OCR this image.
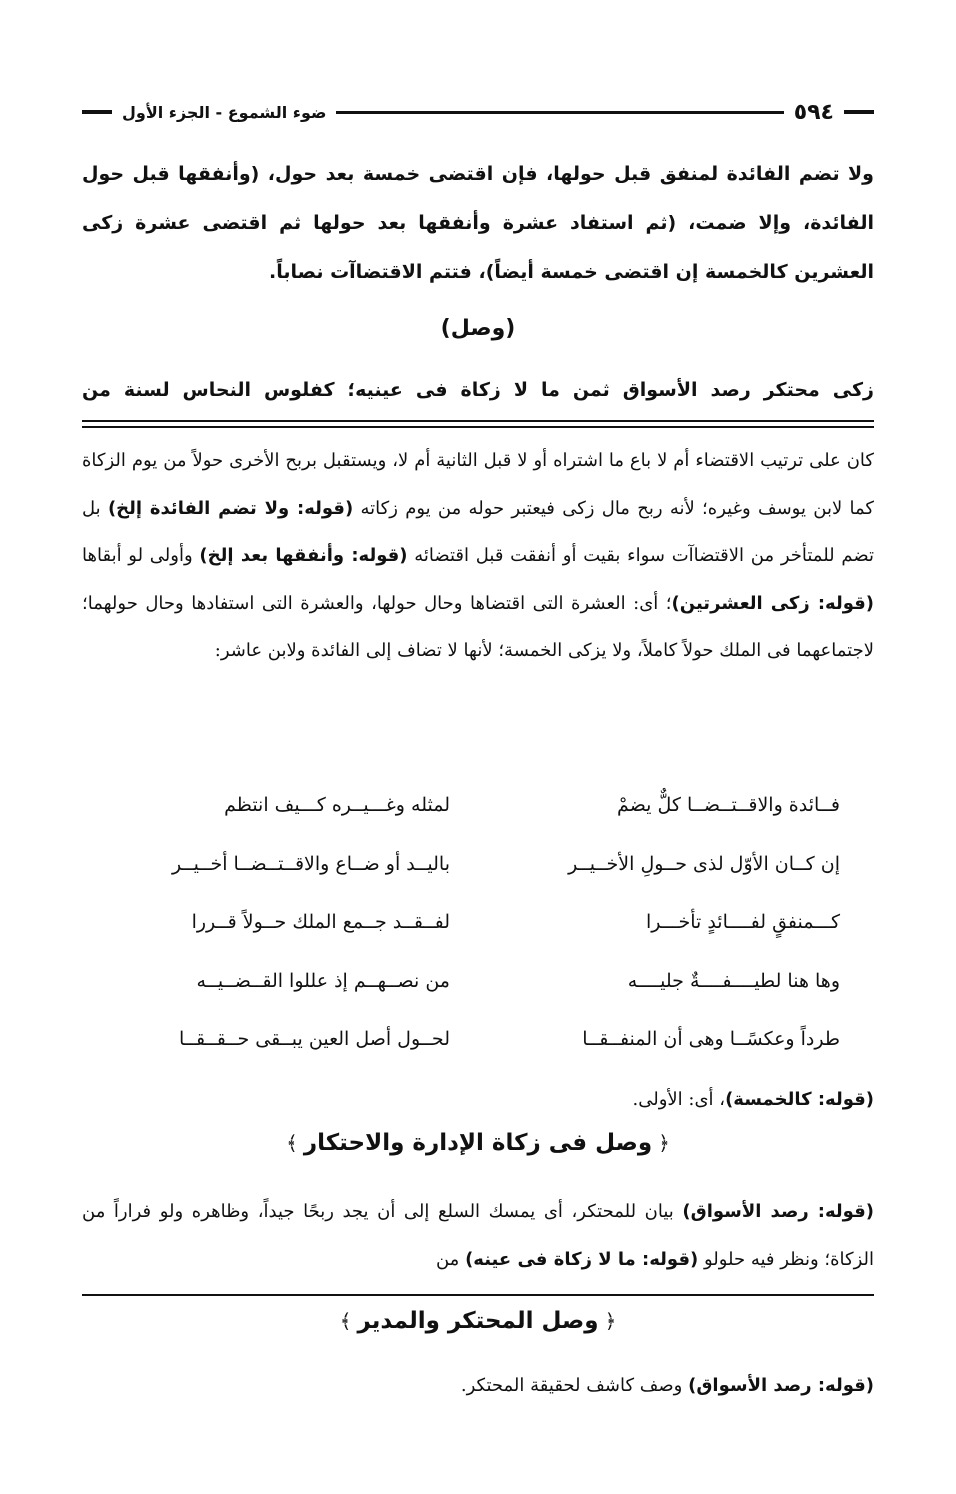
٥٩٤
ضوء الشموع - الجزء الأول
ولا تضم الفائدة لمنفق قبل حولها، فإن اقتضى خمسة بعد حول، (وأنفقها قبل حول الفائدة، وإلا ضمت، (ثم استفاد عشرة وأنفقها بعد حولها ثم اقتضى عشرة زكى العشرين كالخمسة إن اقتضى خمسة أيضاً)، فتتم الاقتضاآت نصاباً.
(وصل)
زكى محتكر رصد الأسواق ثمن ما لا زكاة فى عينيه؛ كفلوس النحاس لسنة من
كان على ترتيب الاقتضاء أم لا باع ما اشتراه أو لا قبل الثانية أم لا، ويستقبل بربح الأخرى حولاً من يوم الزكاة كما لابن يوسف وغيره؛ لأنه ربح مال زكى فيعتبر حوله من يوم زكاته (قوله: ولا تضم الفائدة إلخ) بل تضم للمتأخر من الاقتضاآت سواء بقيت أو أنفقت قبل اقتضائه (قوله: وأنفقها بعد إلخ) وأولى لو أبقاها (قوله: زكى العشرتين)؛ أى: العشرة التى اقتضاها وحال حولها، والعشرة التى استفادها وحال حولهما؛ لاجتماعهما فى الملك حولاً كاملاً، ولا يزكى الخمسة؛ لأنها لا تضاف إلى الفائدة ولابن عاشر:
فــائدة والاقــتــضــا كلٌّ يضمْ
لمثله وغـــيــره كـــيف انتظم
إن كــان الأوّل لذى حــولِ الأخــيــر
باليــد أو ضــاع والاقــتــضــا أخــيــر
كـــمنفقٍ لفــــائدٍ تأخـــرا
لفــقــد جــمع الملك حــولاً قــررا
وها هنا لطيــــفــــةٌ جليــــه
من نصــهــم إذ عللوا القــضــيــه
طرداً وعكسًــا وهى أن المنفــقــا
لحــول أصل العين يبــقى حــقــقــا
(قوله: كالخمسة)، أى: الأولى.
﴿وصل فى زكاة الإدارة والاحتكار﴾
(قوله: رصد الأسواق) بيان للمحتكر، أى يمسك السلع إلى أن يجد ربحًا جيداً، وظاهره ولو فراراً من الزكاة؛ ونظر فيه حلولو (قوله: ما لا زكاة فى عينه) من
﴿وصل المحتكر والمدير﴾
(قوله: رصد الأسواق) وصف كاشف لحقيقة المحتكر.
